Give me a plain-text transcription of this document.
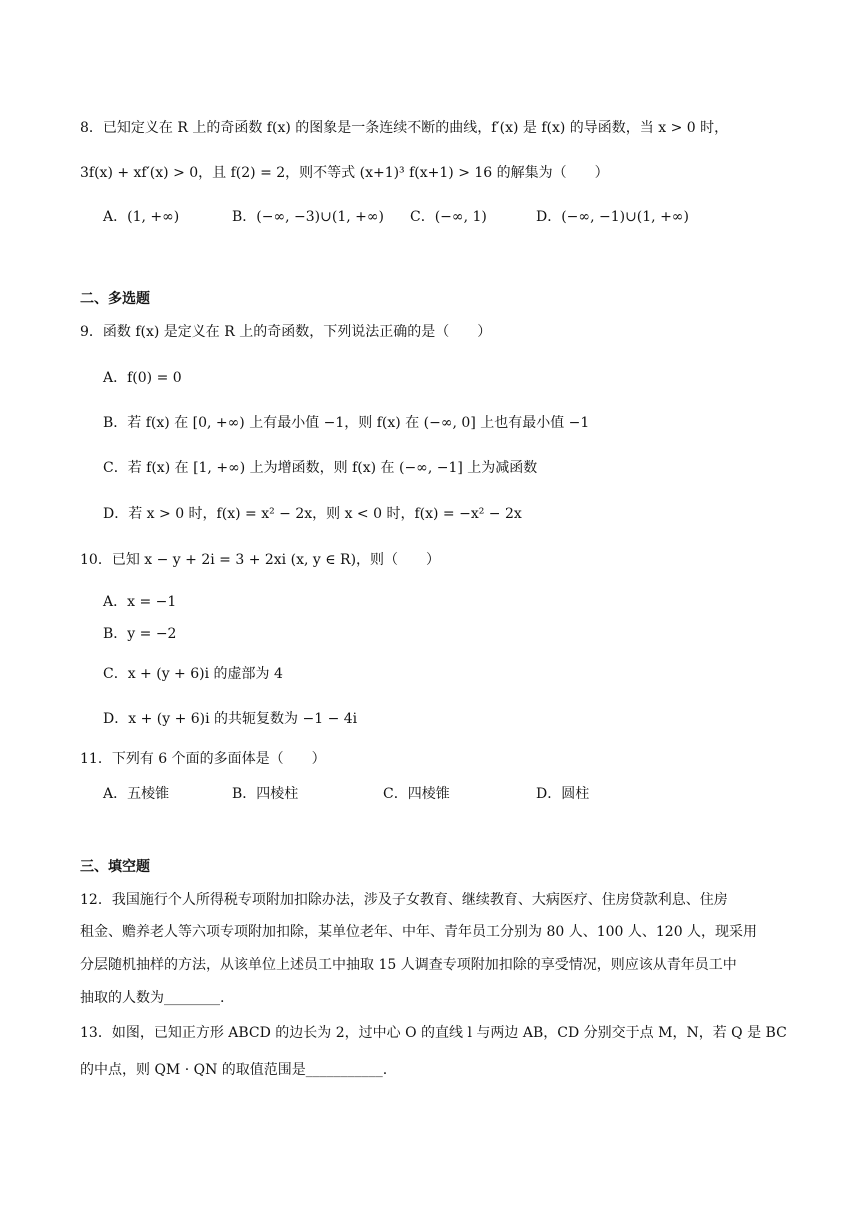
8．已知定义在 R 上的奇函数 f(x) 的图象是一条连续不断的曲线，f′(x) 是 f(x) 的导函数，当 x > 0 时，
3f(x) + xf′(x) > 0，且 f(2) = 2，则不等式 (x+1)³ f(x+1) > 16 的解集为（　　）
A．(1, +∞)	B．(−∞, −3)∪(1, +∞) C．(−∞, 1)	D．(−∞, −1)∪(1, +∞)
二、多选题
9．函数 f(x) 是定义在 R 上的奇函数，下列说法正确的是（　　）
A．f(0) = 0
B．若 f(x) 在 [0, +∞) 上有最小值 −1，则 f(x) 在 (−∞, 0] 上也有最小值 −1
C．若 f(x) 在 [1, +∞) 上为增函数，则 f(x) 在 (−∞, −1] 上为减函数
D．若 x > 0 时，f(x) = x² − 2x，则 x < 0 时，f(x) = −x² − 2x
10．已知 x − y + 2i = 3 + 2xi (x, y ∈ R)，则（　　）
A．x = −1
B．y = −2
C．x + (y + 6)i 的虚部为 4
D．x + (y + 6)i 的共轭复数为 −1 − 4i
11．下列有 6 个面的多面体是（　　）
A．五棱锥	B．四棱柱	C．四棱锥	D．圆柱
三、填空题
12．我国施行个人所得税专项附加扣除办法，涉及子女教育、继续教育、大病医疗、住房贷款利息、住房
租金、赡养老人等六项专项附加扣除，某单位老年、中年、青年员工分别为 80 人、100 人、120 人，现采用
分层随机抽样的方法，从该单位上述员工中抽取 15 人调查专项附加扣除的享受情况，则应该从青年员工中
抽取的人数为________.
13．如图，已知正方形 ABCD 的边长为 2，过中心 O 的直线 l 与两边 AB，CD 分别交于点 M，N，若 Q 是 BC
的中点，则 QM · QN 的取值范围是___________.
